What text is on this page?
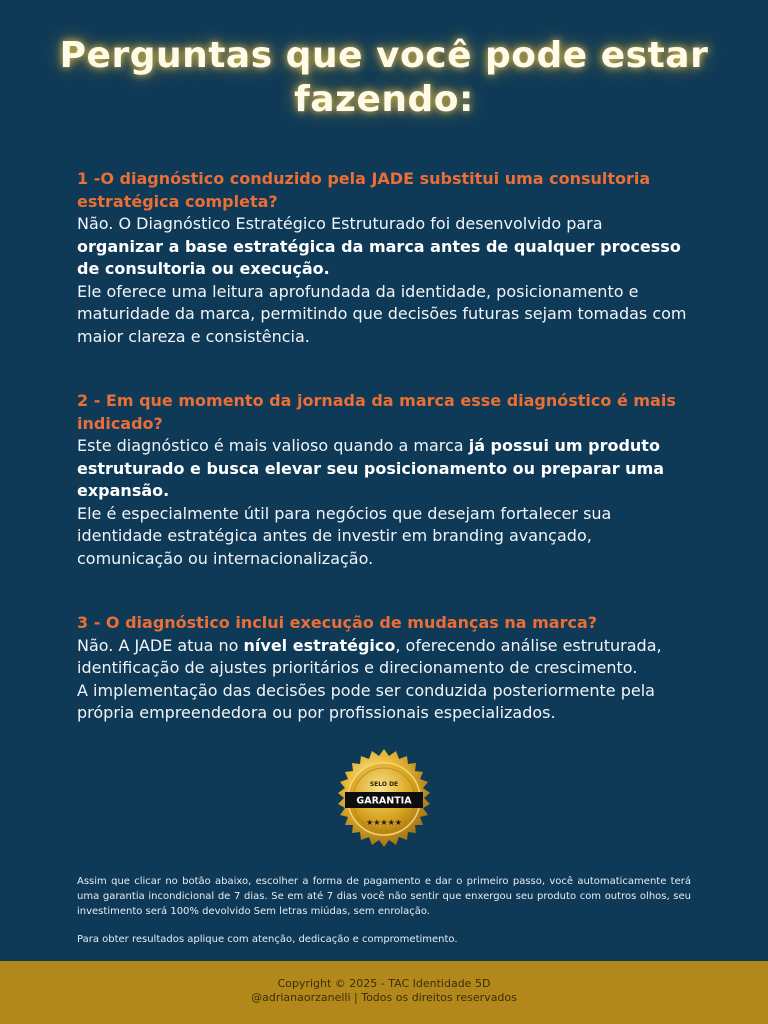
Perguntas que você pode estar
fazendo:

1 -O diagnóstico conduzido pela JADE substitui uma consultoria
estratégica completa?

Não. O Diagnóstico Estratégico Estruturado foi desenvolvido para
organizar a base estratégica da marca antes de qualquer processo de consultoria ou execução.
Ele oferece uma leitura aprofundada da identidade, posicionamento e maturidade da marca, permitindo que decisões futuras sejam tomadas com maior clareza e consistência.

2 - Em que momento da jornada da marca esse diagnóstico é mais
indicado?

Este diagnóstico é mais valioso quando a marca já possui um produto estruturado e busca elevar seu posicionamento ou preparar uma expansão.
Ele é especialmente útil para negócios que desejam fortalecer sua identidade estratégica antes de investir em branding avançado, comunicação ou internacionalização.

3 - O diagnóstico inclui execução de mudanças na marca?

Não. A JADE atua no nível estratégico, oferecendo análise estruturada, identificação de ajustes prioritários e direcionamento de crescimento.
A implementação das decisões pode ser conduzida posteriormente pela própria empreendedora ou por profissionais especializados.

SELO DE
GARANTIA
★★★★★

Assim que clicar no botão abaixo, escolher a forma de pagamento e dar o primeiro passo, você automaticamente terá uma garantia incondicional de 7 dias. Se em até 7 dias você não sentir que enxergou seu produto com outros olhos, seu investimento será 100% devolvido Sem letras miúdas, sem enrolação.

Para obter resultados aplique com atenção, dedicação e comprometimento.

Copyright © 2025 - TAC Identidade 5D
@adrianaorzanelli | Todos os direitos reservados
